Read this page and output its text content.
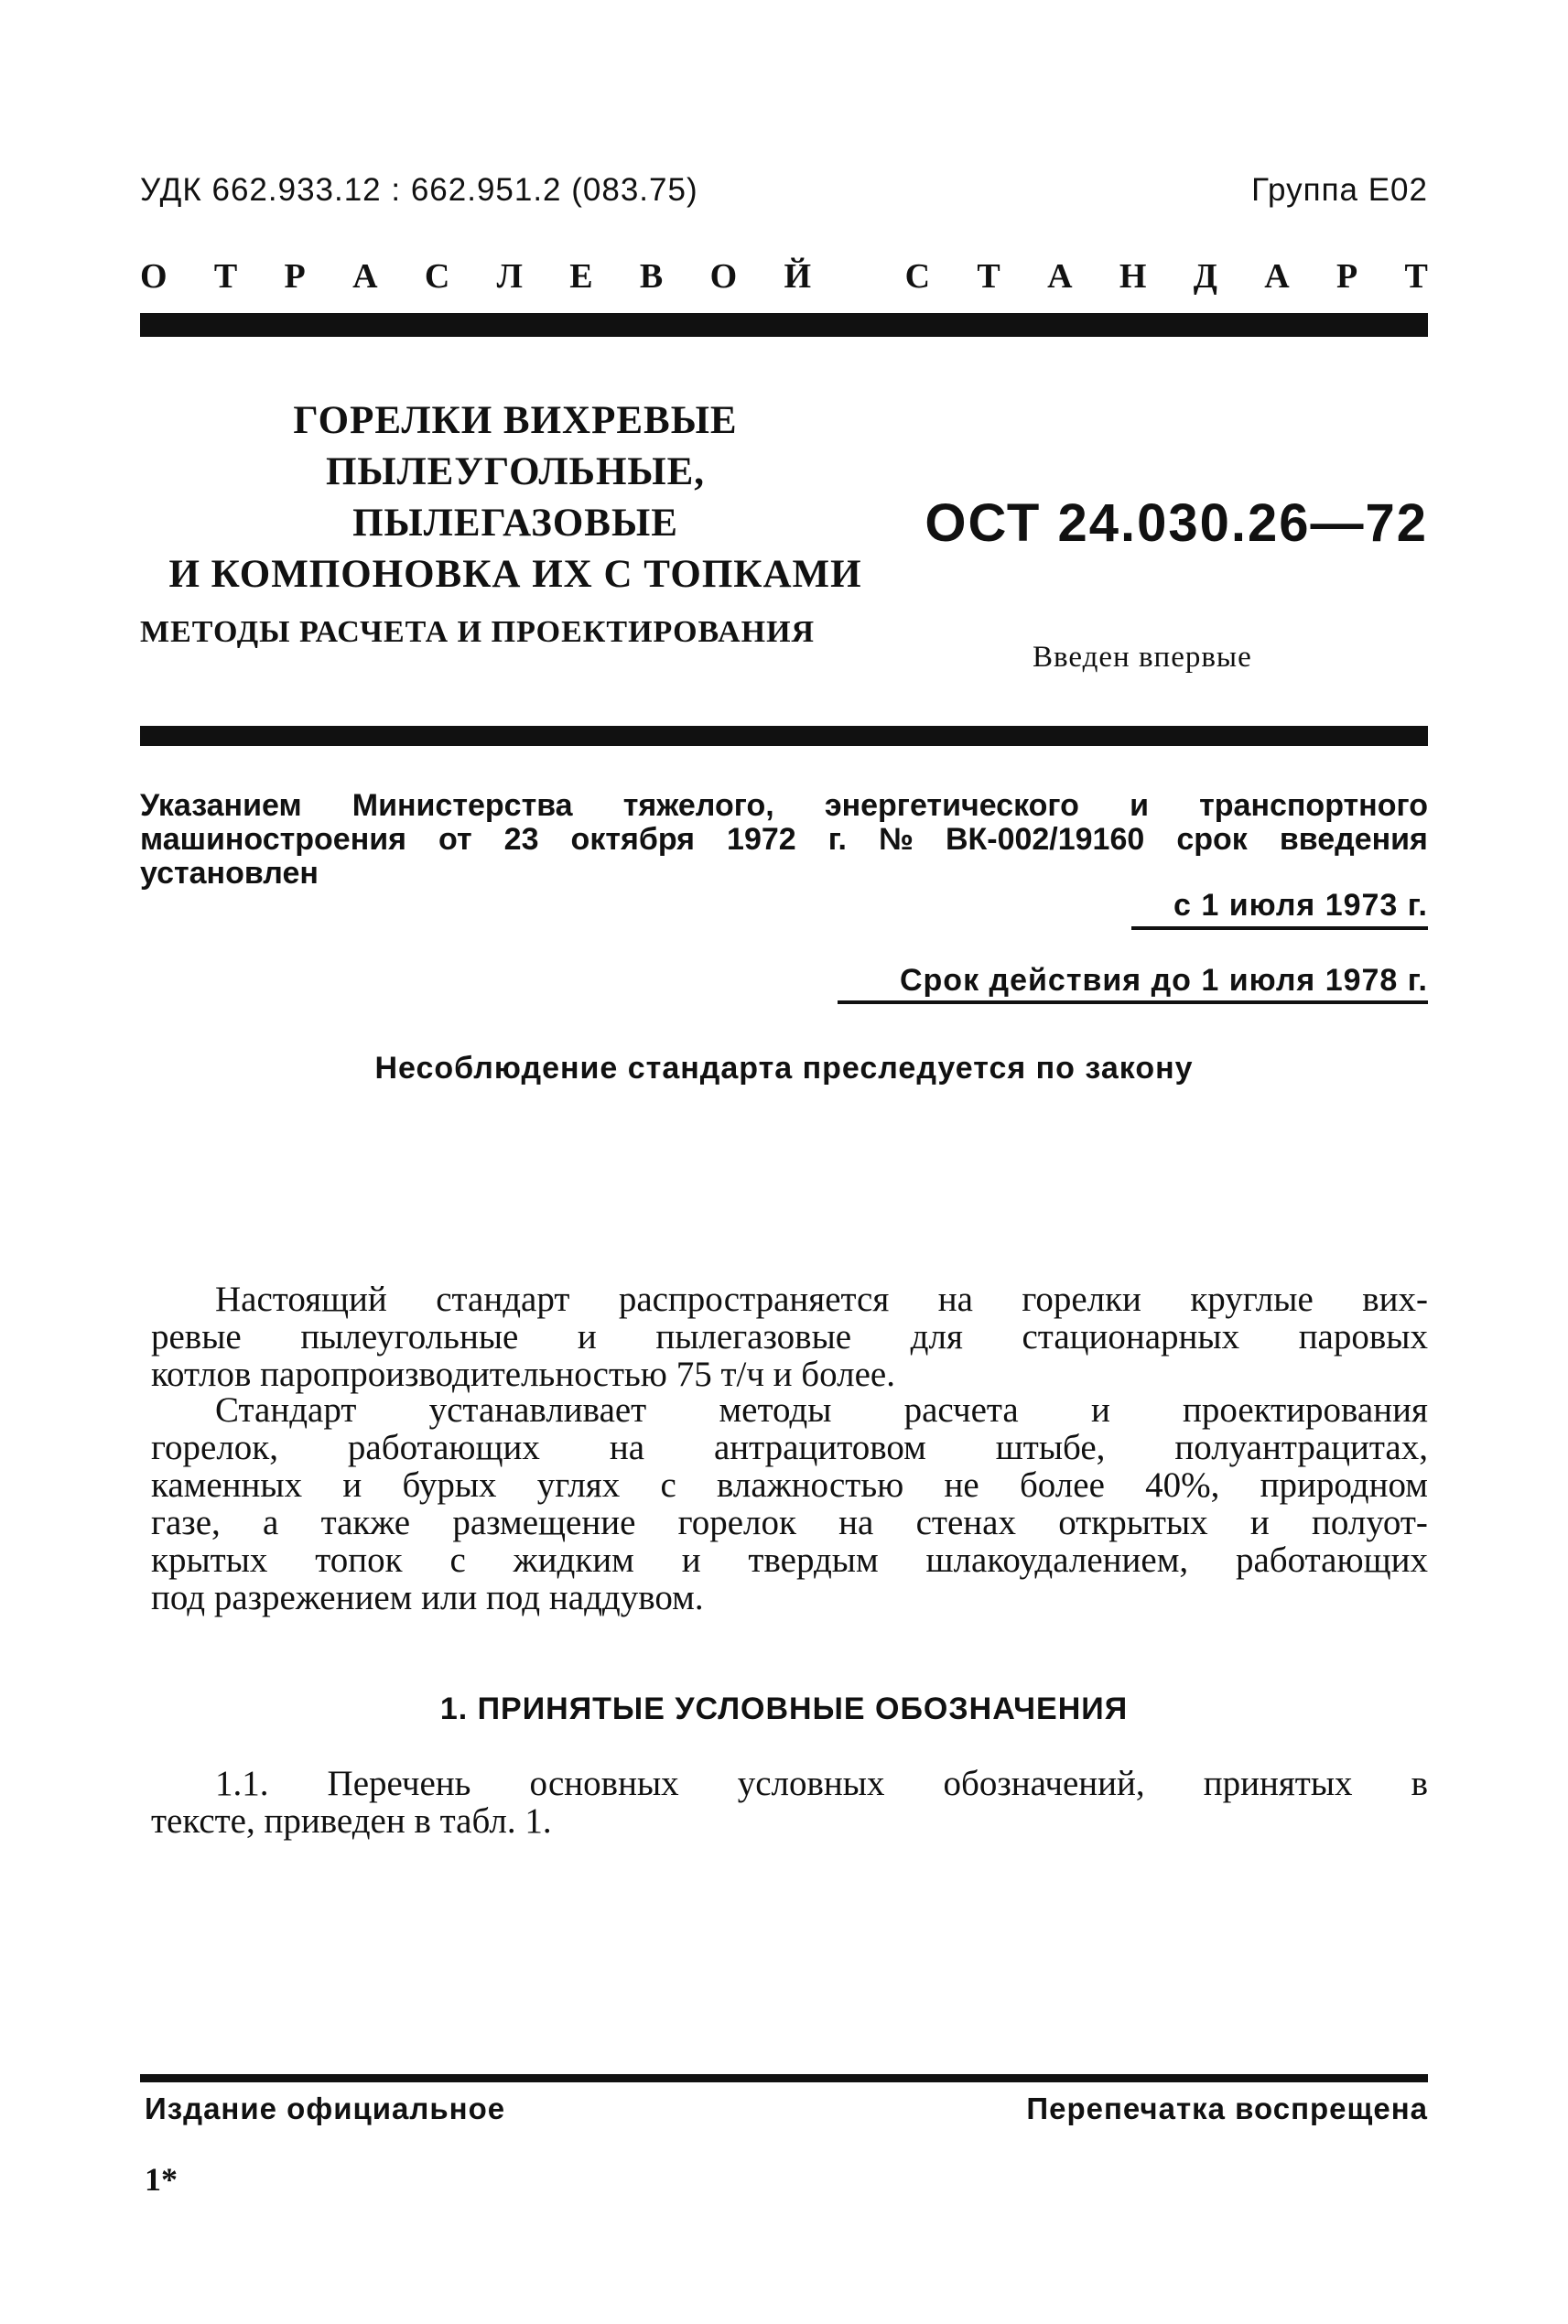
УДК 662.933.12 : 662.951.2 (083.75)	Группа Е02
О Т Р А С Л Е В О Й	С Т А Н Д А Р Т
ГОРЕЛКИ ВИХРЕВЫЕ
ПЫЛЕУГОЛЬНЫЕ,
ПЫЛЕГАЗОВЫЕ
И КОМПОНОВКА ИХ С ТОПКАМИ
ОСТ 24.030.26—72
МЕТОДЫ РАСЧЕТА И ПРОЕКТИРОВАНИЯ
Введен впервые
Указанием Министерства тяжелого, энергетического и транспортного
машиностроения от 23 октября 1972 г. № ВК-002/19160 срок введения
установлен
с 1 июля 1973 г.
Срок действия до 1 июля 1978 г.
Несоблюдение стандарта преследуется по закону
Настоящий стандарт распространяется на горелки круглые вих-
ревые пылеугольные и пылегазовые для стационарных паровых
котлов паропроизводительностью 75 т/ч и более.
Стандарт устанавливает методы расчета и проектирования
горелок, работающих на антрацитовом штыбе, полуантрацитах,
каменных и бурых углях с влажностью не более 40%, природном
газе, а также размещение горелок на стенах открытых и полуот-
крытых топок с жидким и твердым шлакоудалением, работающих
под разрежением или под наддувом.
1. ПРИНЯТЫЕ УСЛОВНЫЕ ОБОЗНАЧЕНИЯ
1.1. Перечень основных условных обозначений, принятых в
тексте, приведен в табл. 1.
Издание официальное	Перепечатка воспрещена
1*
